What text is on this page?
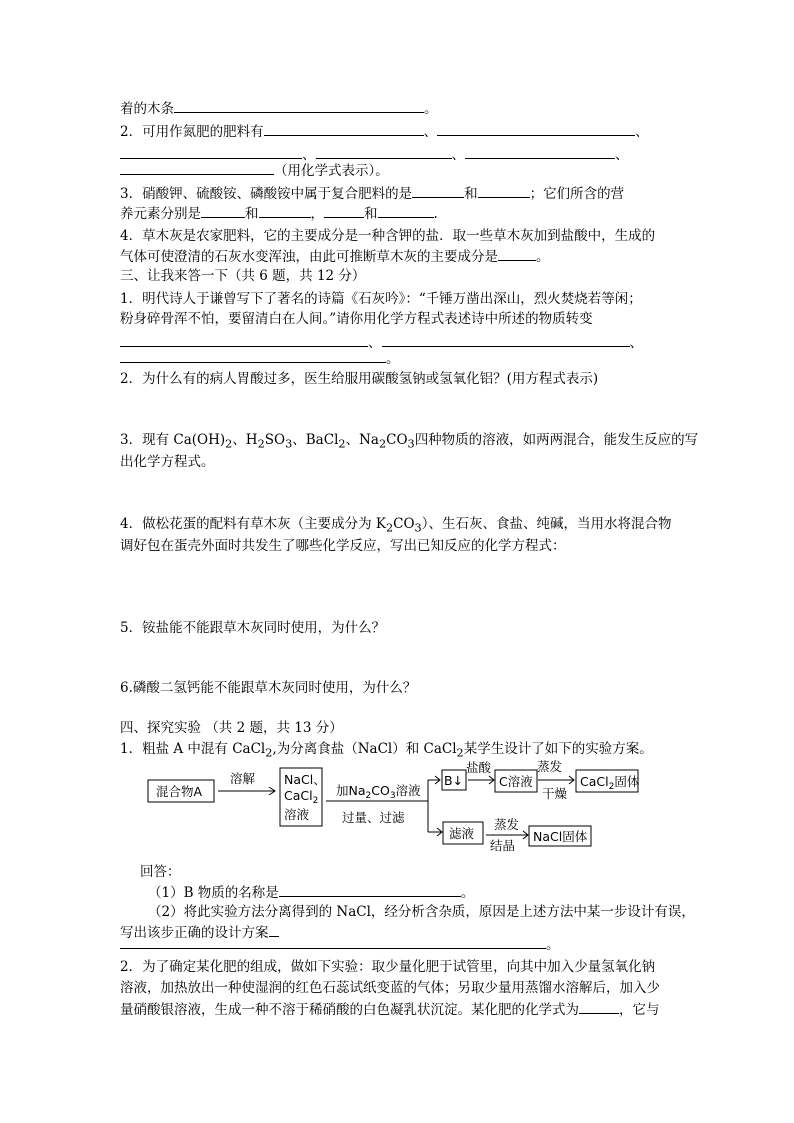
着的木条	。
2．可用作氮肥的肥料有	、	、
、	、	、
（用化学式表示）。
3．硝酸钾、硫酸铵、磷酸铵中属于复合肥料的是	和	；它们所含的营
养元素分别是	和	，	和	.
4．草木灰是农家肥料，它的主要成分是一种含钾的盐．取一些草木灰加到盐酸中，生成的
气体可使澄清的石灰水变浑浊，由此可推断草木灰的主要成分是	。
三、让我来答一下（共 6 题，共 12 分）
1．明代诗人于谦曾写下了著名的诗篇《石灰吟》：“千锤万凿出深山，烈火焚烧若等闲；
粉身碎骨浑不怕，要留清白在人间。”请你用化学方程式表述诗中所述的物质转变
、	、
。
2．为什么有的病人胃酸过多，医生给服用碳酸氢钠或氢氧化铝？(用方程式表示)
3．现有 $Ca(OH)_2$、$H_2SO_3$、BaCl$_2$、$Na_2CO_3$四种物质的溶液，如两两混合，能发生反应的写
出化学方程式。
4．做松花蛋的配料有草木灰（主要成分为 $K_2CO_3$）、生石灰、食盐、纯碱，当用水将混合物
调好包在蛋壳外面时共发生了哪些化学反应，写出已知反应的化学方程式：
5．铵盐能不能跟草木灰同时使用，为什么？
6.磷酸二氢钙能不能跟草木灰同时使用，为什么？
四、探究实验 （共 2 题，共 13 分）
1．粗盐 A 中混有 CaCl$_2$,为分离食盐（NaCl）和 CaCl$_2$某学生设计了如下的实验方案。
混合物A
溶解 NaCl、
CaCl$_2$
溶液
加$Na_2CO_3$溶液
过量、过滤
B↓
盐酸
C溶液
蒸发
干燥
CaCl$_2$固体
滤液
蒸发
结晶
NaCl固体
回答：
（1）B 物质的名称是	。
（2）将此实验方法分离得到的 NaCl，经分析含杂质，原因是上述方法中某一步设计有误，
写出该步正确的设计方案
。
2．为了确定某化肥的组成，做如下实验：取少量化肥于试管里，向其中加入少量氢氧化钠
溶液，加热放出一种使湿润的红色石蕊试纸变蓝的气体；另取少量用蒸馏水溶解后，加入少
量硝酸银溶液，生成一种不溶于稀硝酸的白色凝乳状沉淀。某化肥的化学式为	，它与
